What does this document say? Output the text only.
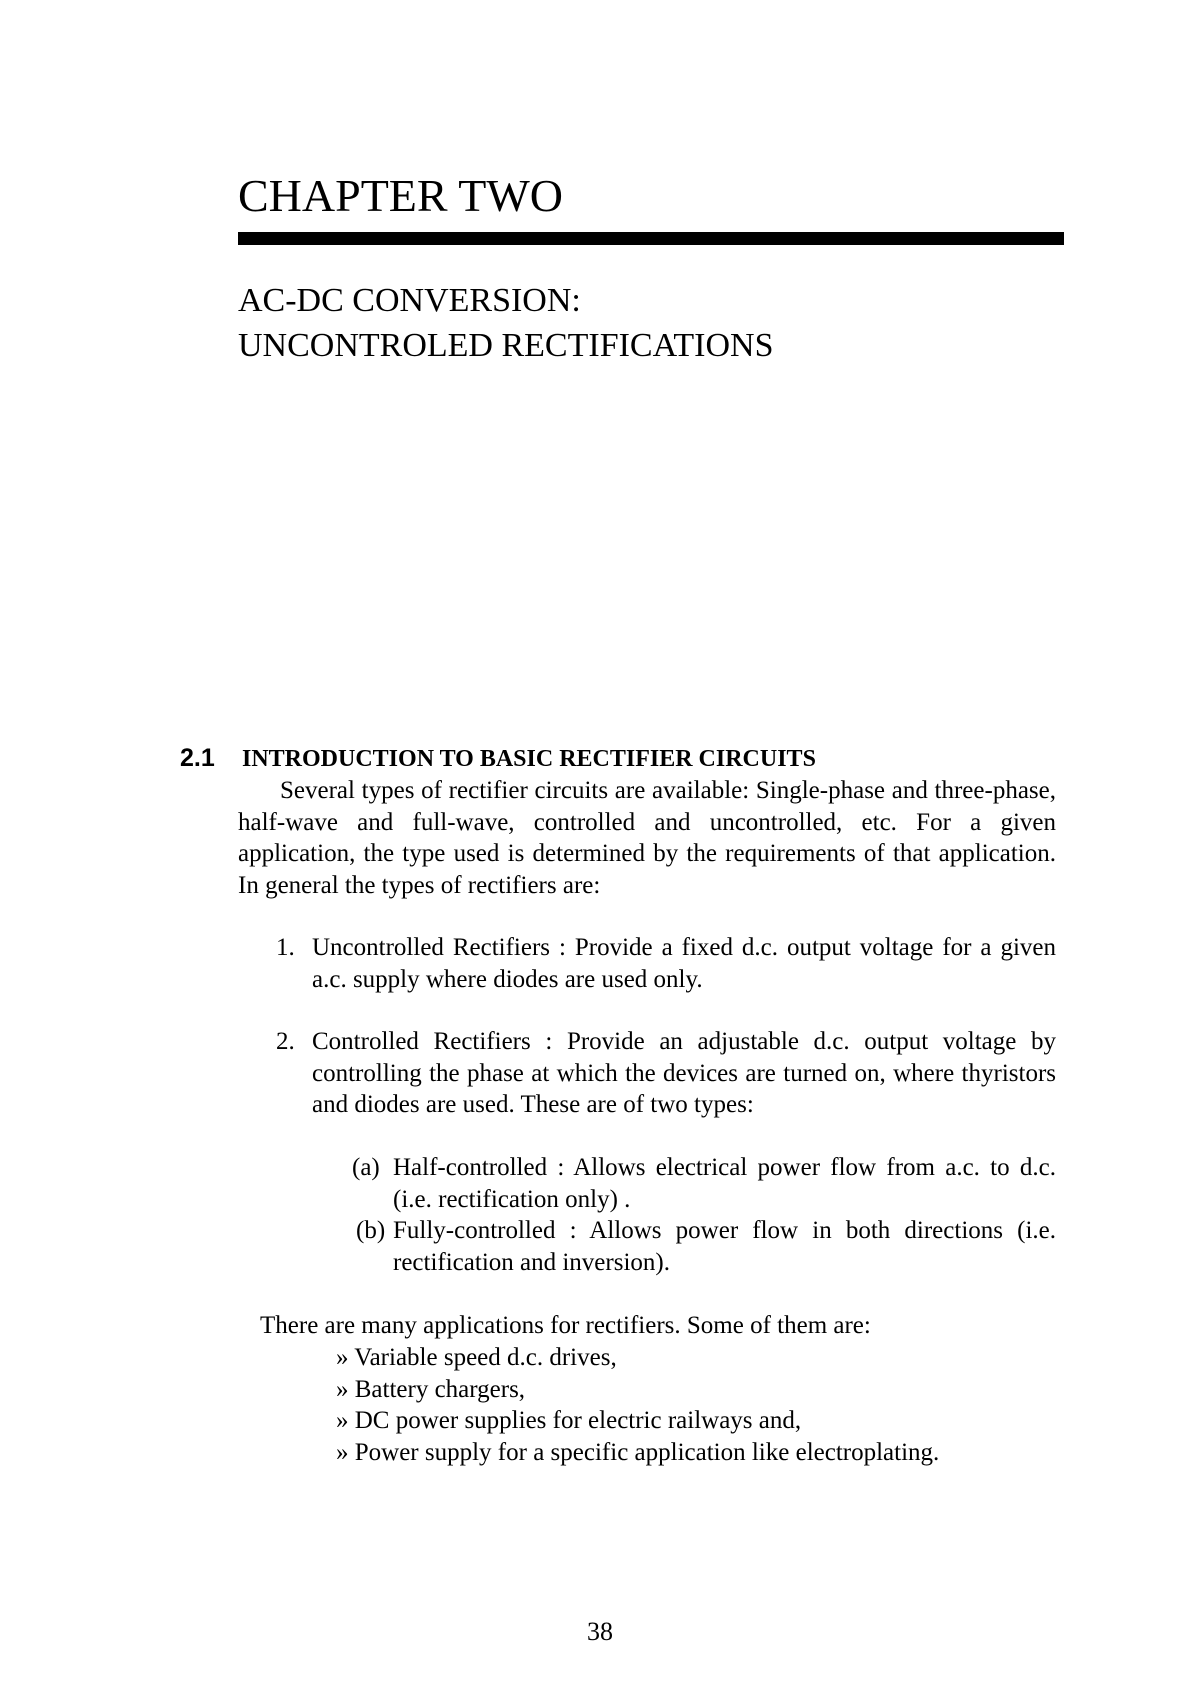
CHAPTER TWO
AC-DC CONVERSION:
UNCONTROLED RECTIFICATIONS
2.1 INTRODUCTION TO BASIC RECTIFIER CIRCUITS

Several types of rectifier circuits are available: Single-phase and three-phase, half-wave and full-wave, controlled and uncontrolled, etc. For a given application, the type used is determined by the requirements of that application. In general the types of rectifiers are:

1. Uncontrolled Rectifiers : Provide a fixed d.c. output voltage for a given a.c. supply where diodes are used only.
2. Controlled Rectifiers : Provide an adjustable d.c. output voltage by controlling the phase at which the devices are turned on, where thyristors and diodes are used. These are of two types:
(a) Half-controlled : Allows electrical power flow from a.c. to d.c. (i.e. rectification only) .
(b) Fully-controlled : Allows power flow in both directions (i.e. rectification and inversion).
There are many applications for rectifiers. Some of them are:
» Variable speed d.c. drives,
» Battery chargers,
» DC power supplies for electric railways and,
» Power supply for a specific application like electroplating.
38
